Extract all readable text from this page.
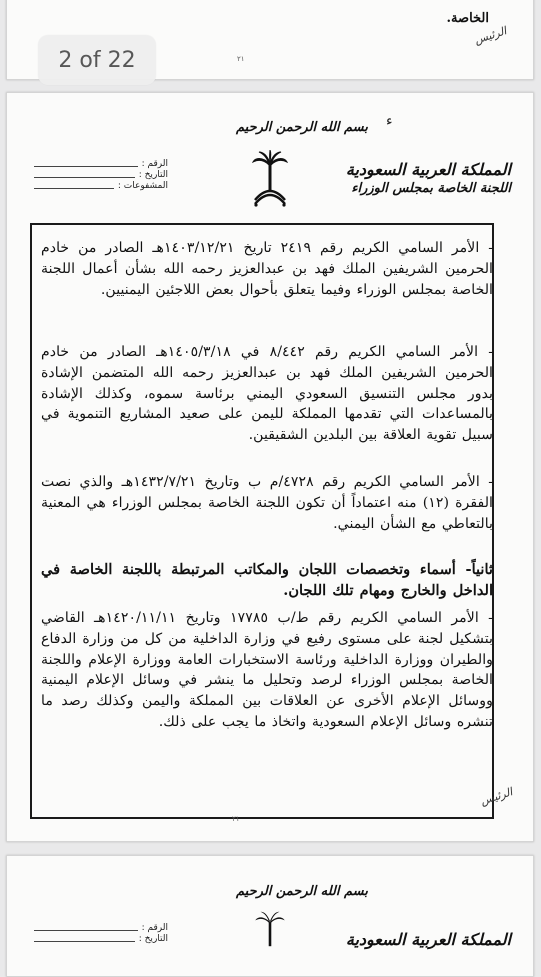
الخاصة.
الرئيس
٢١
بسم الله الرحمن الرحيم ء
المملكة العربية السعودية
اللجنة الخاصة بمجلس الوزراء
الرقم :
التاريخ :
المشفوعات :
- الأمر السامي الكريم رقم ٢٤١٩ تاريخ ١٤٠٣/١٢/٢١هـ الصادر من خادم الحرمين الشريفين الملك فهد بن عبدالعزيز رحمه الله بشأن أعمال اللجنة الخاصة بمجلس الوزراء وفيما يتعلق بأحوال بعض اللاجئين اليمنيين.
- الأمر السامي الكريم رقم ٨/٤٤٢ في ١٤٠٥/٣/١٨هـ الصادر من خادم الحرمين الشريفين الملك فهد بن عبدالعزيز رحمه الله المتضمن الإشادة بدور مجلس التنسيق السعودي اليمني برئاسة سموه، وكذلك الإشادة بالمساعدات التي تقدمها المملكة لليمن على صعيد المشاريع التنموية في سبيل تقوية العلاقة بين البلدين الشقيقين.
- الأمر السامي الكريم رقم ٤٧٢٨/م ب وتاريخ ١٤٣٢/٧/٢١هـ والذي نصت الفقرة (١٢) منه اعتماداً أن تكون اللجنة الخاصة بمجلس الوزراء هي المعنية بالتعاطي مع الشأن اليمني.
ثانياً- أسماء وتخصصات اللجان والمكاتب المرتبطة باللجنة الخاصة في الداخل والخارج ومهام تلك اللجان.
- الأمر السامي الكريم رقم ط/ب ١٧٧٨٥ وتاريخ ١٤٢٠/١١/١١هـ القاضي بتشكيل لجنة على مستوى رفيع في وزارة الداخلية من كل من وزارة الدفاع والطيران ووزارة الداخلية ورئاسة الاستخبارات العامة ووزارة الإعلام واللجنة الخاصة بمجلس الوزراء لرصد وتحليل ما ينشر في وسائل الإعلام اليمنية ووسائل الإعلام الأخرى عن العلاقات بين المملكة واليمن وكذلك رصد ما تنشره وسائل الإعلام السعودية واتخاذ ما يجب على ذلك.
الرئيس
٢١
بسم الله الرحمن الرحيم
المملكة العربية السعودية
الرقم :
التاريخ :
2 of 22
